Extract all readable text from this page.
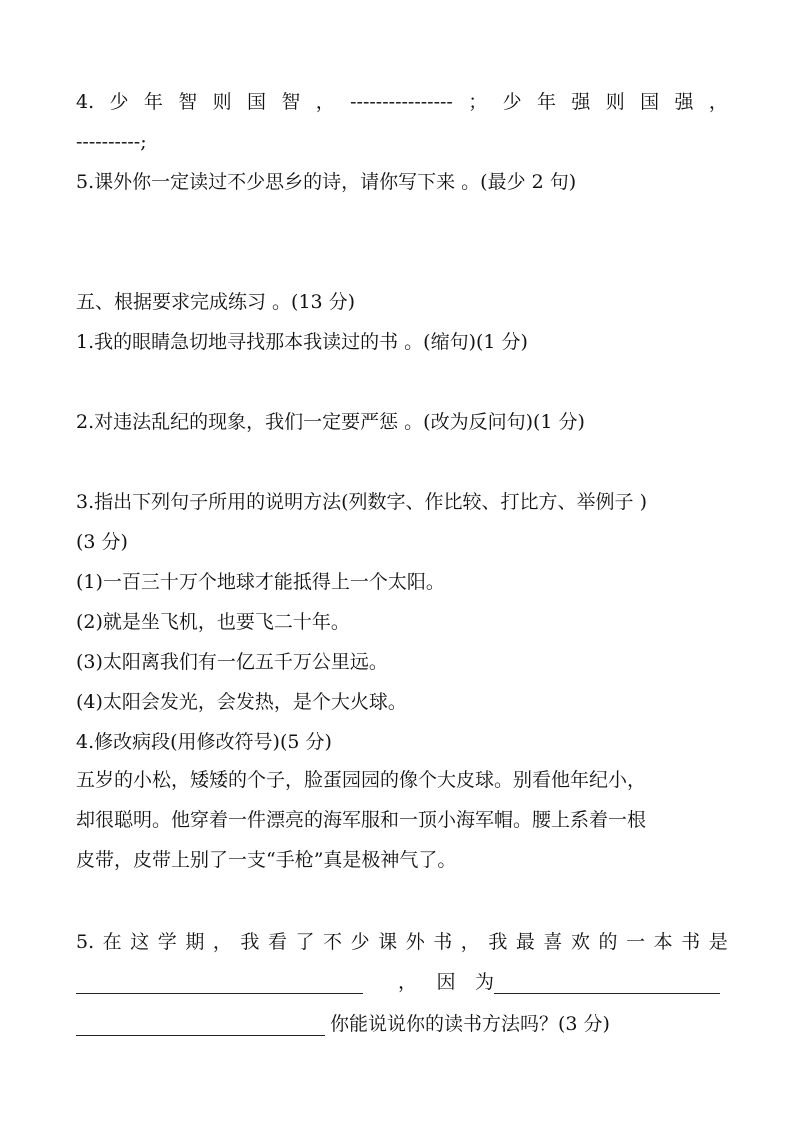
4. 少 年 智 则 国 智 ， ---------------- ； 少 年 强 则 国 强 ，
----------;
5.课外你一定读过不少思乡的诗，请你写下来 。(最少 2 句)
五、根据要求完成练习 。(13 分)
1.我的眼睛急切地寻找那本我读过的书 。(缩句)(1 分)
2.对违法乱纪的现象，我们一定要严惩 。(改为反问句)(1 分)
3.指出下列句子所用的说明方法(列数字、作比较、打比方、举例子 )
(3 分)
(1)一百三十万个地球才能抵得上一个太阳。
(2)就是坐飞机，也要飞二十年。
(3)太阳离我们有一亿五千万公里远。
(4)太阳会发光，会发热，是个大火球。
4.修改病段(用修改符号)(5 分)
五岁的小松，矮矮的个子，脸蛋园园的像个大皮球。别看他年纪小，
却很聪明。他穿着一件漂亮的海军服和一顶小海军帽。腰上系着一根
皮带，皮带上别了一支“手枪”真是极神气了。
5. 在 这 学 期 ， 我 看 了 不 少 课 外 书 ， 我 最 喜 欢 的 一 本 书 是
， 因 为
你能说说你的读书方法吗？(3 分)
